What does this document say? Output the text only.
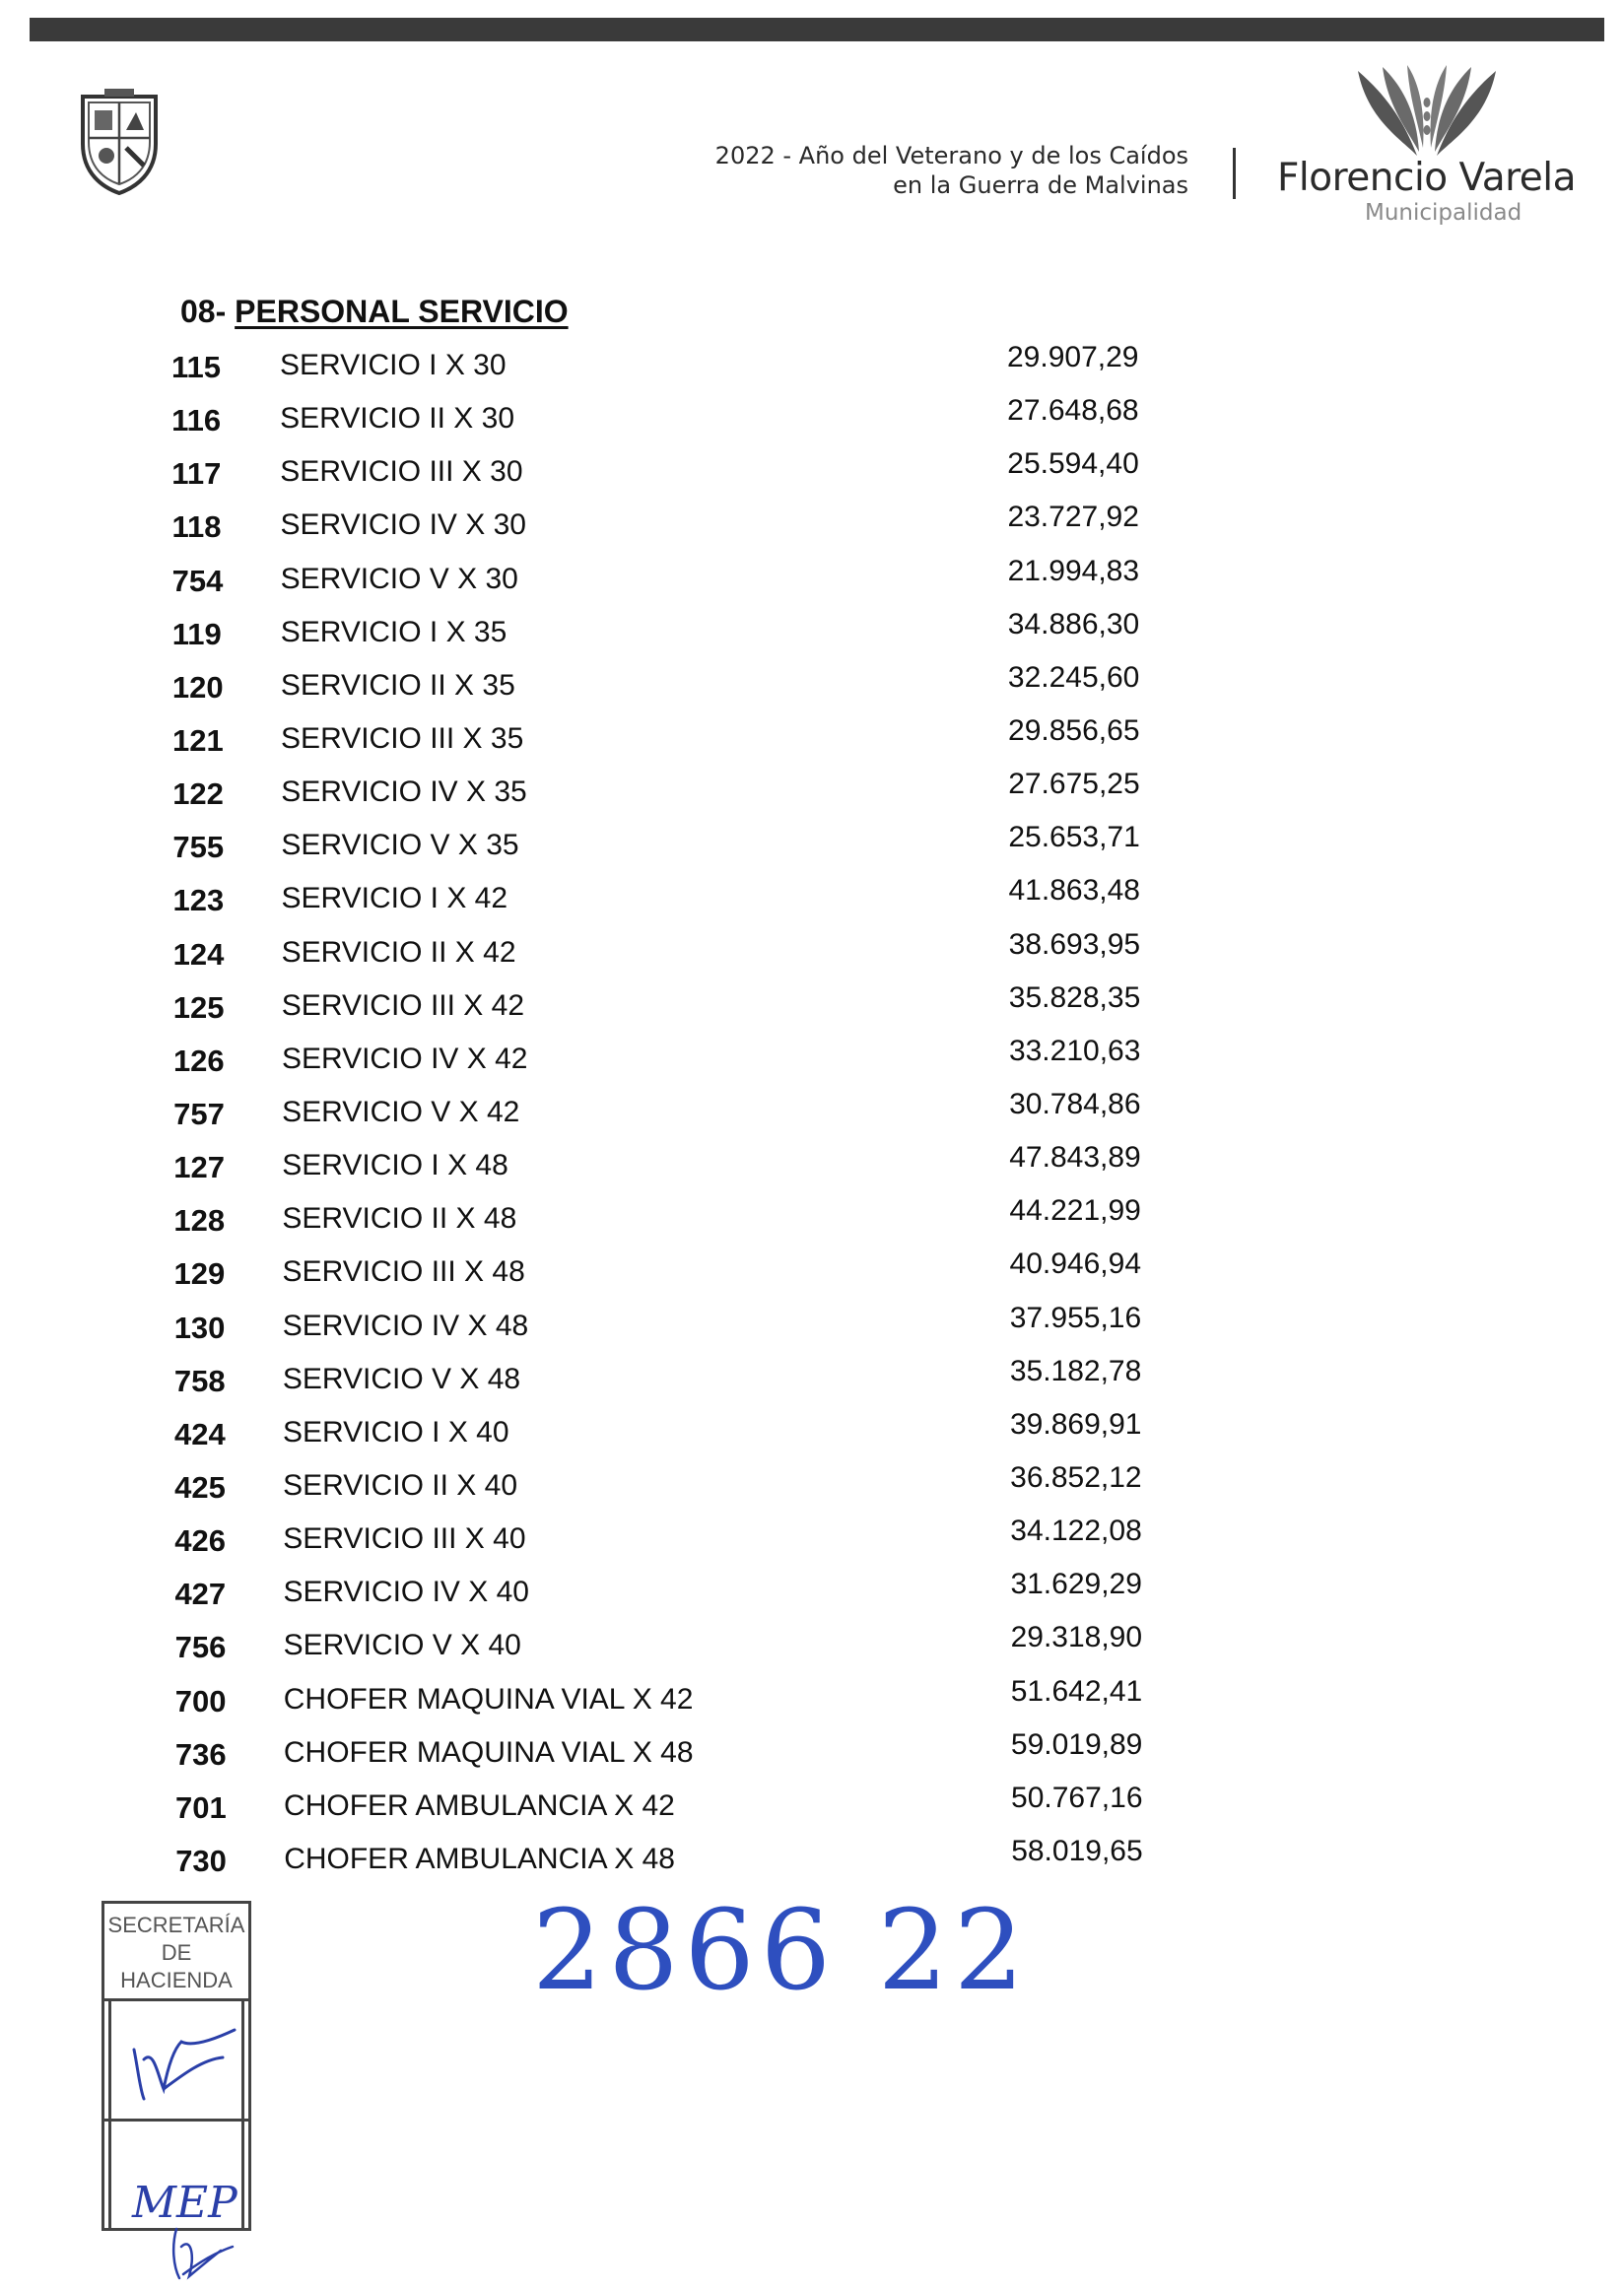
2022 - Año del Veterano y de los Caídos
en la Guerra de Malvinas Florencio Varela
Municipalidad
08- PERSONAL SERVICIO
115 SERVICIO I X 30	29.907,29
116 SERVICIO II X 30	27.648,68
117 SERVICIO III X 30	25.594,40
118 SERVICIO IV X 30	23.727,92
754 SERVICIO V X 30	21.994,83
119 SERVICIO I X 35	34.886,30
120 SERVICIO II X 35	32.245,60
121 SERVICIO III X 35	29.856,65
122 SERVICIO IV X 35	27.675,25
755 SERVICIO V X 35	25.653,71
123 SERVICIO I X 42	41.863,48
124 SERVICIO II X 42	38.693,95
125 SERVICIO III X 42	35.828,35
126 SERVICIO IV X 42	33.210,63
757 SERVICIO V X 42	30.784,86
127 SERVICIO I X 48	47.843,89
128 SERVICIO II X 48	44.221,99
129 SERVICIO III X 48	40.946,94
130 SERVICIO IV X 48	37.955,16
758 SERVICIO V X 48	35.182,78
424 SERVICIO I X 40	39.869,91
425 SERVICIO II X 40	36.852,12
426 SERVICIO III X 40	34.122,08
427 SERVICIO IV X 40	31.629,29
756 SERVICIO V X 40	29.318,90
700 CHOFER MAQUINA VIAL X 42	51.642,41
736 CHOFER MAQUINA VIAL X 48	59.019,89
701 CHOFER AMBULANCIA X 42	50.767,16
730 CHOFER AMBULANCIA X 48	58.019,65
SECRETARÍA
DE
HACIENDA
MEP
2866 22
